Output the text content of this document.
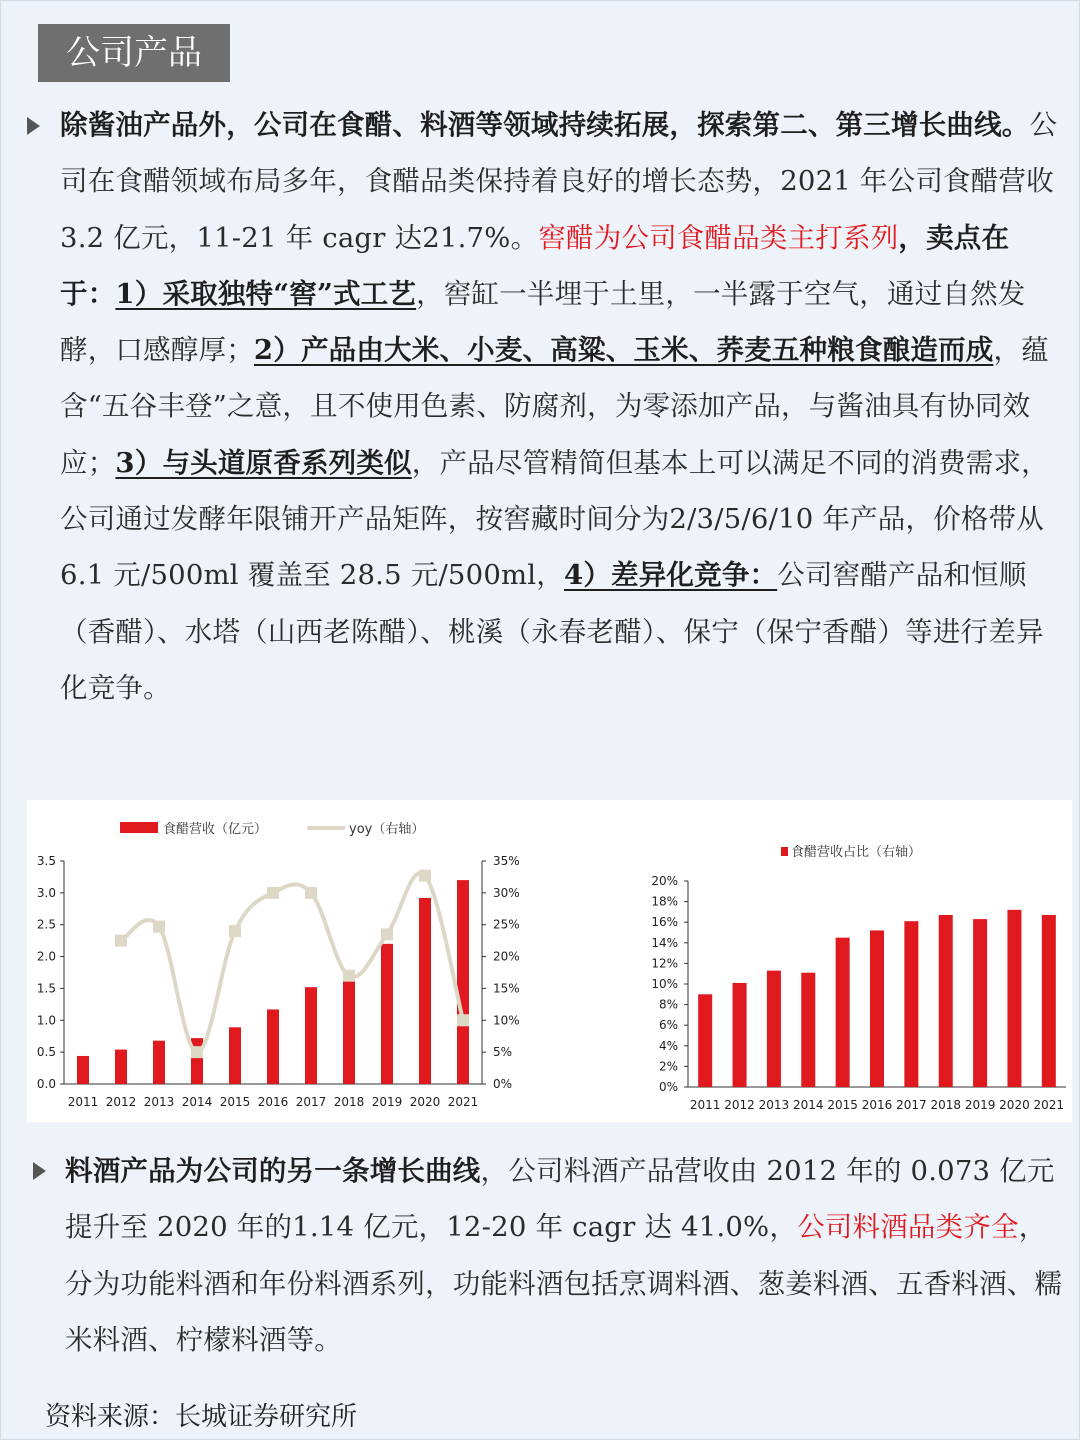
公司产品
除酱油产品外，公司在食醋、料酒等领域持续拓展，探索第二、第三增长曲线。公司在食醋领域布局多年，食醋品类保持着良好的增长态势，2021 年公司食醋营收 3.2 亿元，11-21 年 cagr 达21.7%。窖醋为公司食醋品类主打系列，卖点在于：1）采取独特“窖”式工艺，窖缸一半埋于土里，一半露于空气，通过自然发酵，口感醇厚；2）产品由大米、小麦、高粱、玉米、荞麦五种粮食酿造而成，蕴含“五谷丰登”之意，且不使用色素、防腐剂，为零添加产品，与酱油具有协同效应；3）与头道原香系列类似，产品尽管精简但基本上可以满足不同的消费需求，公司通过发酵年限铺开产品矩阵，按窖藏时间分为2/3/5/6/10 年产品，价格带从 6.1 元/500ml 覆盖至 28.5 元/500ml，4）差异化竞争：公司窖醋产品和恒顺（香醋）、水塔（山西老陈醋）、桃溪（永春老醋）、保宁（保宁香醋）等进行差异化竞争。
食醋营收（亿元）	yoy（右轴）
0.0
0.5
1.0
1.5
2.0
2.5
3.0
3.5
0%
5%
10%
15%
20%
25%
30%
35%
2011 2012 2013 2014 2015 2016 2017 2018 2019 2020 2021
食醋营收占比（右轴）
0%
2%
4%
6%
8%
10%
12%
14%
16%
18%
20%
2011 2012 2013 2014 2015 2016 2017 2018 2019 2020 2021
料酒产品为公司的另一条增长曲线，公司料酒产品营收由 2012 年的 0.073 亿元提升至 2020 年的1.14 亿元，12-20 年 cagr 达 41.0%，公司料酒品类齐全，分为功能料酒和年份料酒系列，功能料酒包括烹调料酒、葱姜料酒、五香料酒、糯米料酒、柠檬料酒等。
资料来源：长城证券研究所
